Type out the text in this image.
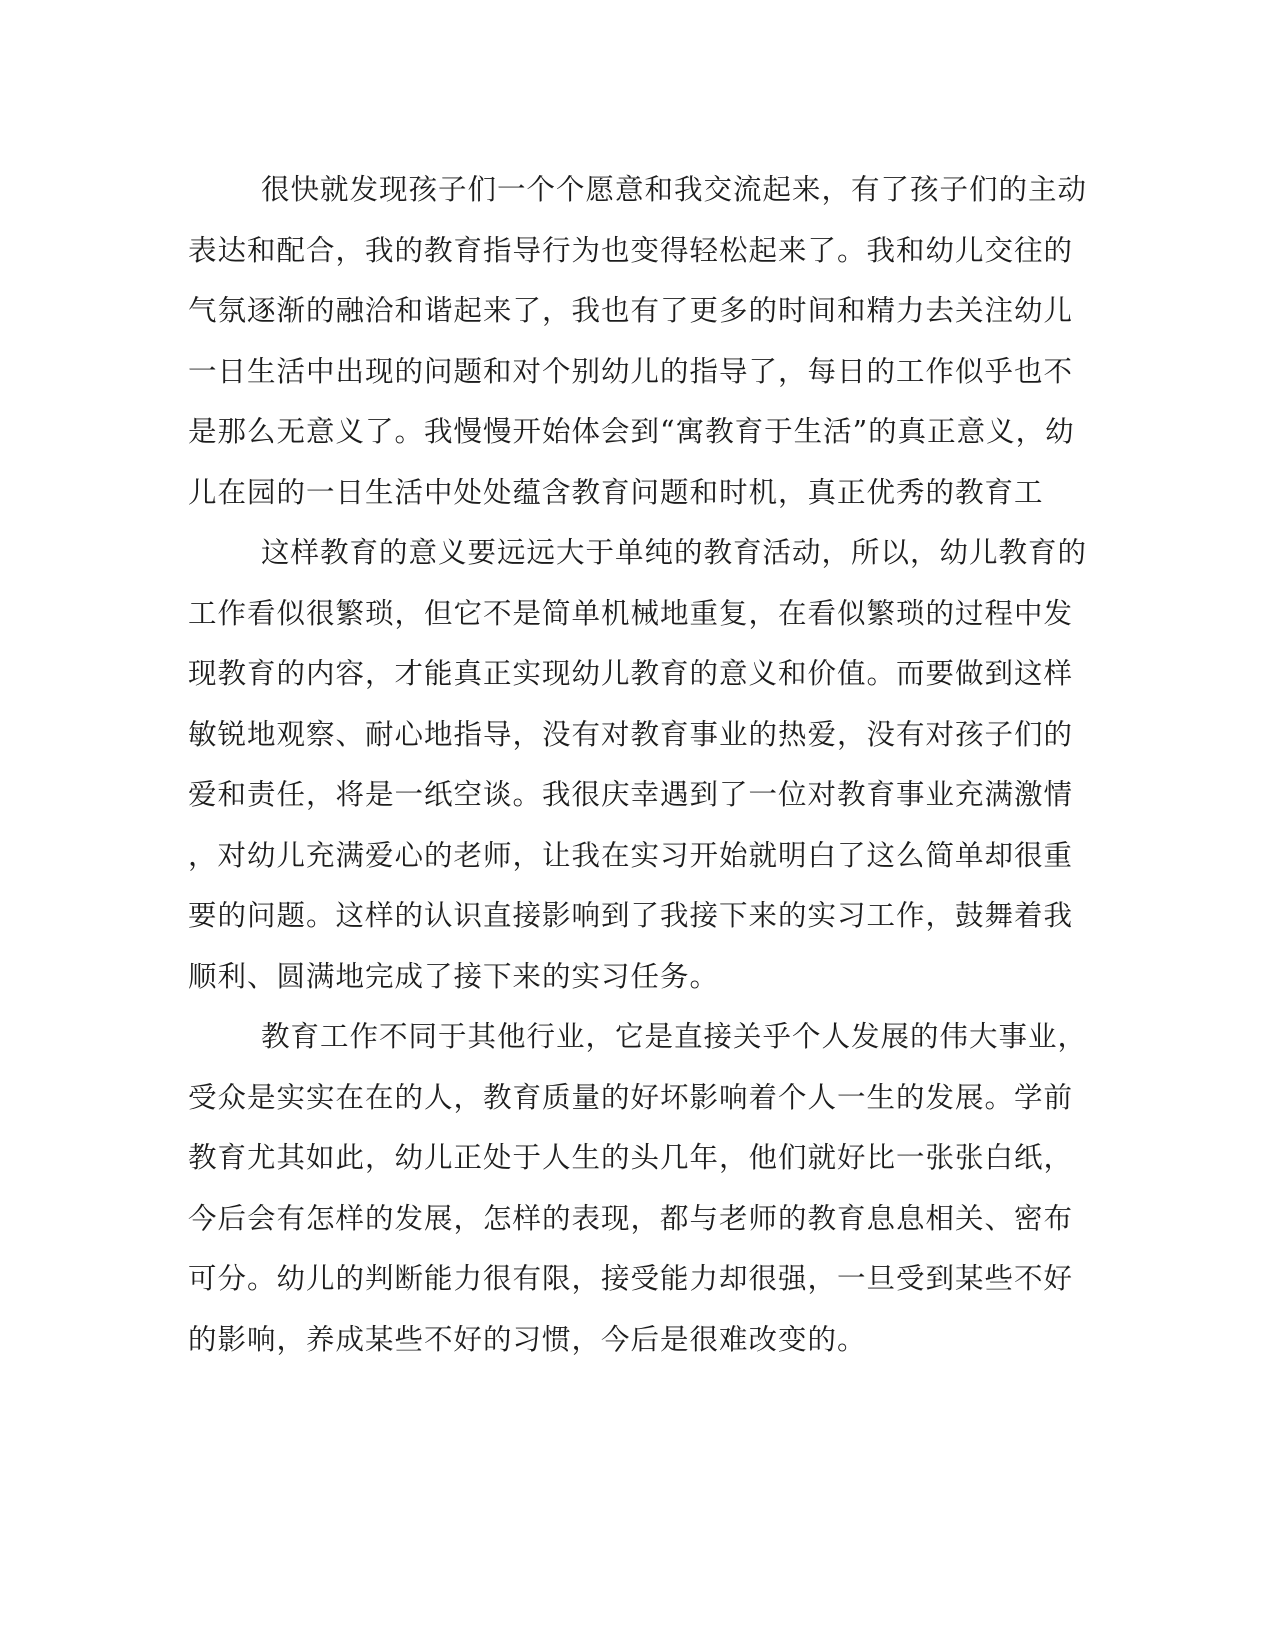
很快就发现孩子们一个个愿意和我交流起来，有了孩子们的主动
表达和配合，我的教育指导行为也变得轻松起来了。我和幼儿交往的
气氛逐渐的融洽和谐起来了，我也有了更多的时间和精力去关注幼儿
一日生活中出现的问题和对个别幼儿的指导了，每日的工作似乎也不
是那么无意义了。我慢慢开始体会到“寓教育于生活”的真正意义，幼
儿在园的一日生活中处处蕴含教育问题和时机，真正优秀的教育工
这样教育的意义要远远大于单纯的教育活动，所以，幼儿教育的
工作看似很繁琐，但它不是简单机械地重复，在看似繁琐的过程中发
现教育的内容，才能真正实现幼儿教育的意义和价值。而要做到这样
敏锐地观察、耐心地指导，没有对教育事业的热爱，没有对孩子们的
爱和责任，将是一纸空谈。我很庆幸遇到了一位对教育事业充满激情
，对幼儿充满爱心的老师，让我在实习开始就明白了这么简单却很重
要的问题。这样的认识直接影响到了我接下来的实习工作，鼓舞着我
顺利、圆满地完成了接下来的实习任务。
教育工作不同于其他行业，它是直接关乎个人发展的伟大事业，
受众是实实在在的人，教育质量的好坏影响着个人一生的发展。学前
教育尤其如此，幼儿正处于人生的头几年，他们就好比一张张白纸，
今后会有怎样的发展，怎样的表现，都与老师的教育息息相关、密布
可分。幼儿的判断能力很有限，接受能力却很强，一旦受到某些不好
的影响，养成某些不好的习惯，今后是很难改变的。
